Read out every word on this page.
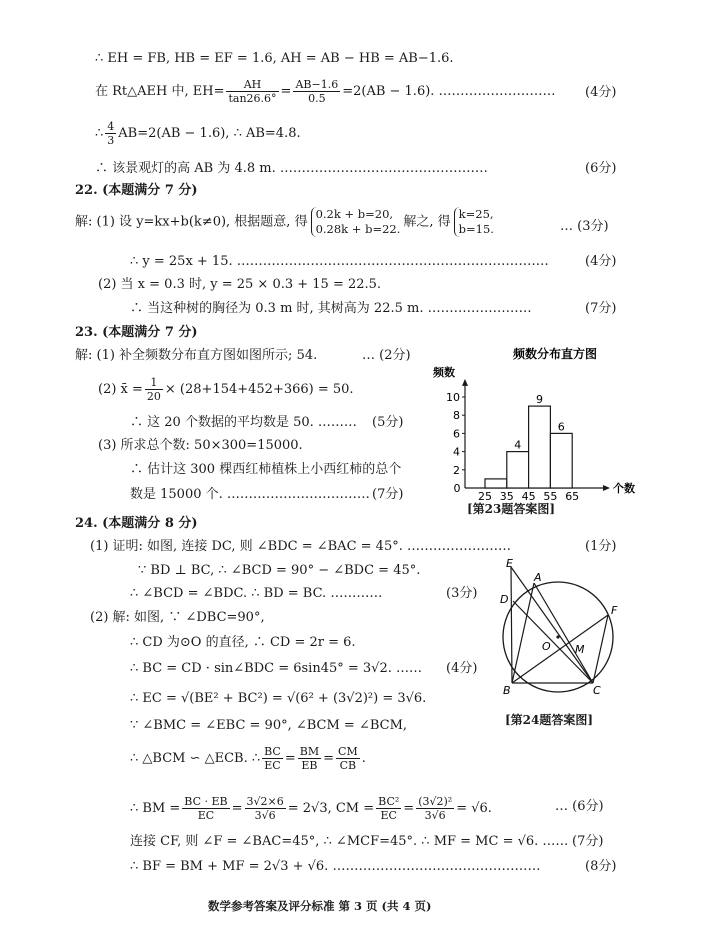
∴ EH = FB, HB = EF = 1.6, AH = AB − HB = AB−1.6.
在 Rt△AEH 中, $EH= \frac{AH}{\tan 26.6^\circ} = \frac{AB-1.6}{0.5} =2(AB - 1.6)$. ……………………… (4分)
∴ $\frac{4}{3} AB=2(AB - 1.6)$, ∴ AB=4.8.
∴ 该景观灯的高 AB 为 4.8 m. …………………………………………	(6分)
22. (本题满分 7 分)
解: (1) 设 y=kx+b(k≠0), 根据题意, 得
0.2k + b=20,
0.28k + b=22. 解之, 得
k=25,
b=15.	… (3分)
∴ y = 25x + 15. ………………………………………………………………	(4分)
(2) 当 x = 0.3 时, y = 25 × 0.3 + 15 = 22.5.
∴ 当这种树的胸径为 0.3 m 时, 其树高为 22.5 m. ……………………	(7分)
23. (本题满分 7 分)
解: (1) 补全频数分布直方图如图所示; 54.	… (2分)
(2) x̄ = $\frac{1}{20} \times (28+154+452+366) = 50$.
∴ 这 20 个数据的平均数是 50. ……… (5分)
(3) 所求总个数: 50×300=15000.
∴ 估计这 300 棵西红柿植株上小西红柿的总个
数是 15000 个. …………………………… (7分)
频数分布直方图
频数
2
4
6
8
10
4
9
6
0
25 35 45 55 65
个数
[第23题答案图]
24. (本题满分 8 分)
(1) 证明: 如图, 连接 DC, 则 ∠BDC = ∠BAC = 45°. ……………………	(1分)
∵ BD ⊥ BC, ∴ ∠BCD = 90° − ∠BDC = 45°.
∴ ∠BCD = ∠BDC. ∴ BD = BC. …………	(3分)
(2) 解: 如图, ∵ ∠DBC=90°,
∴ CD 为⊙O 的直径, ∴ CD = 2r = 6.
∴ BC = CD · sin∠BDC = 6sin45° = 3√2. …… (4分)
∴ EC = √(BE² + BC²) = √(6² + (3√2)²) = 3√6.
∵ ∠BMC = ∠EBC = 90°, ∠BCM = ∠BCM,
∴ △BCM ∽ △ECB. ∴ $\frac{BC}{EC} = \frac{BM}{EB} = \frac{CM}{CB}$ .
∴ BM = $\frac{BC \cdot EB}{EC} = \frac{3√2\times 6}{3√6} = 2√3$, CM = $\frac{\text{BC²}}{EC} = \frac{\text{(3√2)²}}{3√6} = √6$.	… (6分)
连接 CF, 则 ∠F = ∠BAC=45°, ∴ ∠MCF=45°. ∴ MF = MC = √6. …… (7分)
∴ BF = BM + MF = 2√3 + √6. …………………………………………	(8分)
E
A
D
F
O M
B	C
[第24题答案图]
数学参考答案及评分标准 第 3 页 (共 4 页)
